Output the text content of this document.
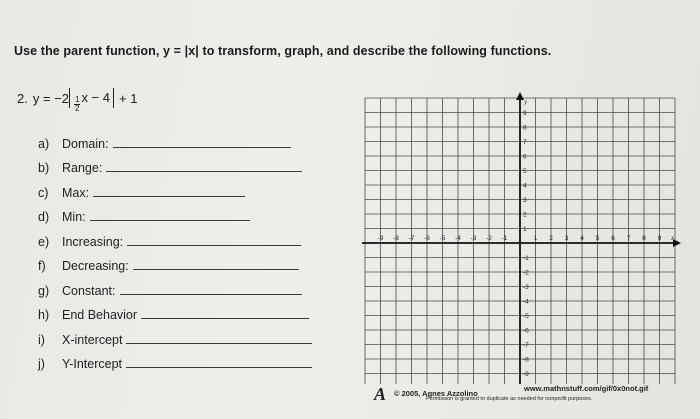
Use the parent function, y = |x| to transform, graph, and describe the following functions.
2. $y = -2 \frac{1}{2}$ x − 4 + 1
a)	Domain:
b)	Range:
c)	Max:
d)	Min:
e)	Increasing:
f)	Decreasing:
g)	Constant:
h)	End Behavior
i)	X-intercept
j)	Y-Intercept
-9 -8 -7 -6 -5 -4 -3 -2 -1	1 2 3 4 5 6 7 8 9
9
8
7
6
5
4
3
2
1
-1
-2
-3
-4
-5
-6
-7
-8
-9
x
y
A © 2005, Agnes Azzolino
www.mathnstuff.com/gif/0x0not.gif
Permission is granted to duplicate as needed for nonprofit purposes.
